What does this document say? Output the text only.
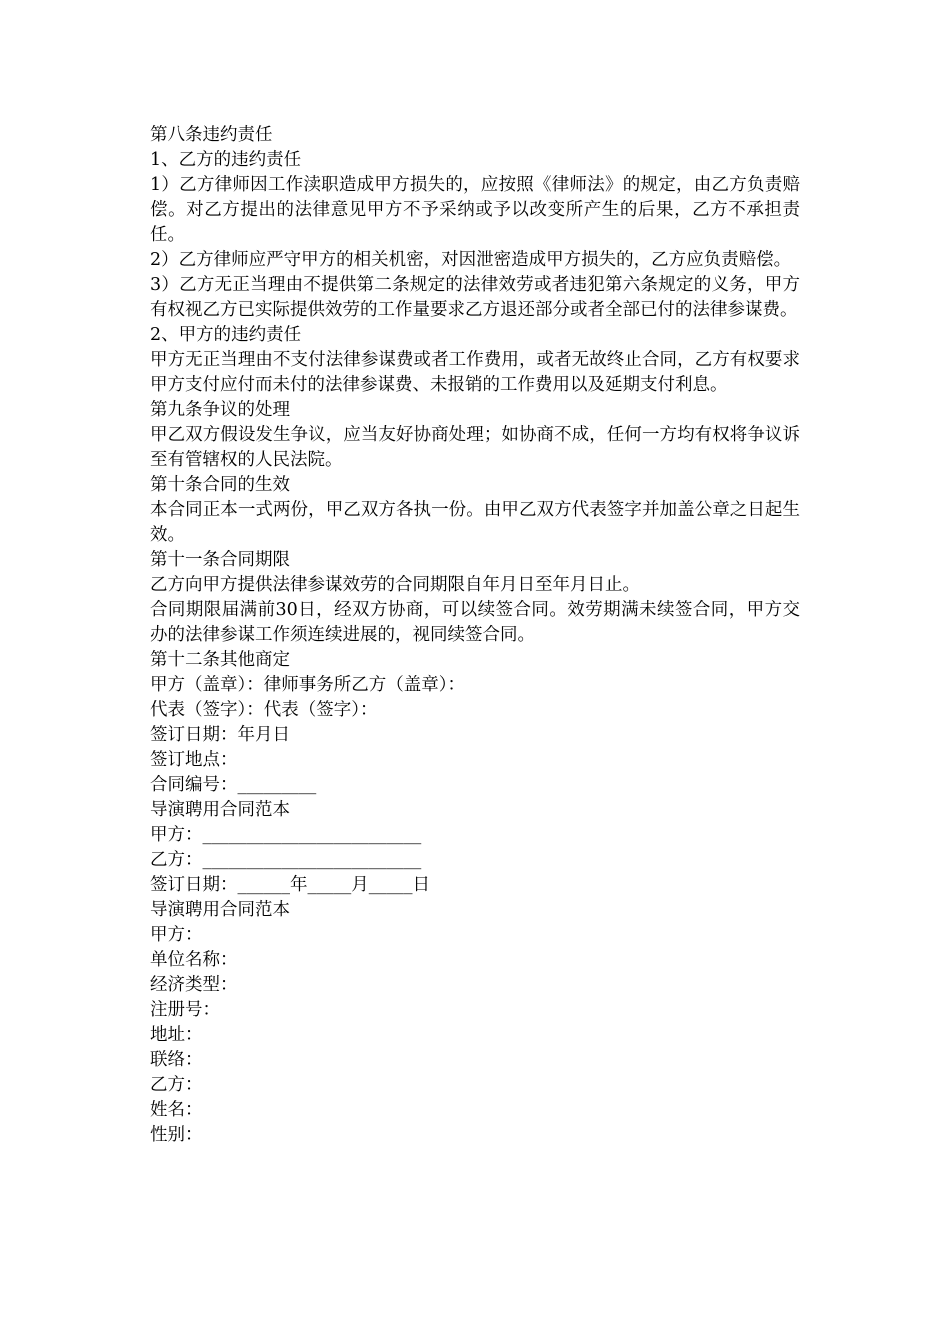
第八条违约责任

1、乙方的违约责任

1）乙方律师因工作渎职造成甲方损失的，应按照《律师法》的规定，由乙方负责赔偿。对乙方提出的法律意见甲方不予采纳或予以改变所产生的后果，乙方不承担责任。

2）乙方律师应严守甲方的相关机密，对因泄密造成甲方损失的，乙方应负责赔偿。

3）乙方无正当理由不提供第二条规定的法律效劳或者违犯第六条规定的义务，甲方有权视乙方已实际提供效劳的工作量要求乙方退还部分或者全部已付的法律参谋费。

2、甲方的违约责任

甲方无正当理由不支付法律参谋费或者工作费用，或者无故终止合同，乙方有权要求甲方支付应付而未付的法律参谋费、未报销的工作费用以及延期支付利息。

第九条争议的处理

甲乙双方假设发生争议，应当友好协商处理；如协商不成，任何一方均有权将争议诉至有管辖权的人民法院。

第十条合同的生效

本合同正本一式两份，甲乙双方各执一份。由甲乙双方代表签字并加盖公章之日起生效。

第十一条合同期限

乙方向甲方提供法律参谋效劳的合同期限自年月日至年月日止。

合同期限届满前30日，经双方协商，可以续签合同。效劳期满未续签合同，甲方交办的法律参谋工作须连续进展的，视同续签合同。

第十二条其他商定

甲方（盖章）：律师事务所乙方（盖章）：

代表（签字）：代表（签字）：

签订日期：年月日

签订地点：

合同编号：_________

导演聘用合同范本

甲方：_________________________

乙方：_________________________

签订日期：______年_____月_____日

导演聘用合同范本

甲方：

单位名称：

经济类型：

注册号：

地址：

联络：

乙方：

姓名：

性别：
